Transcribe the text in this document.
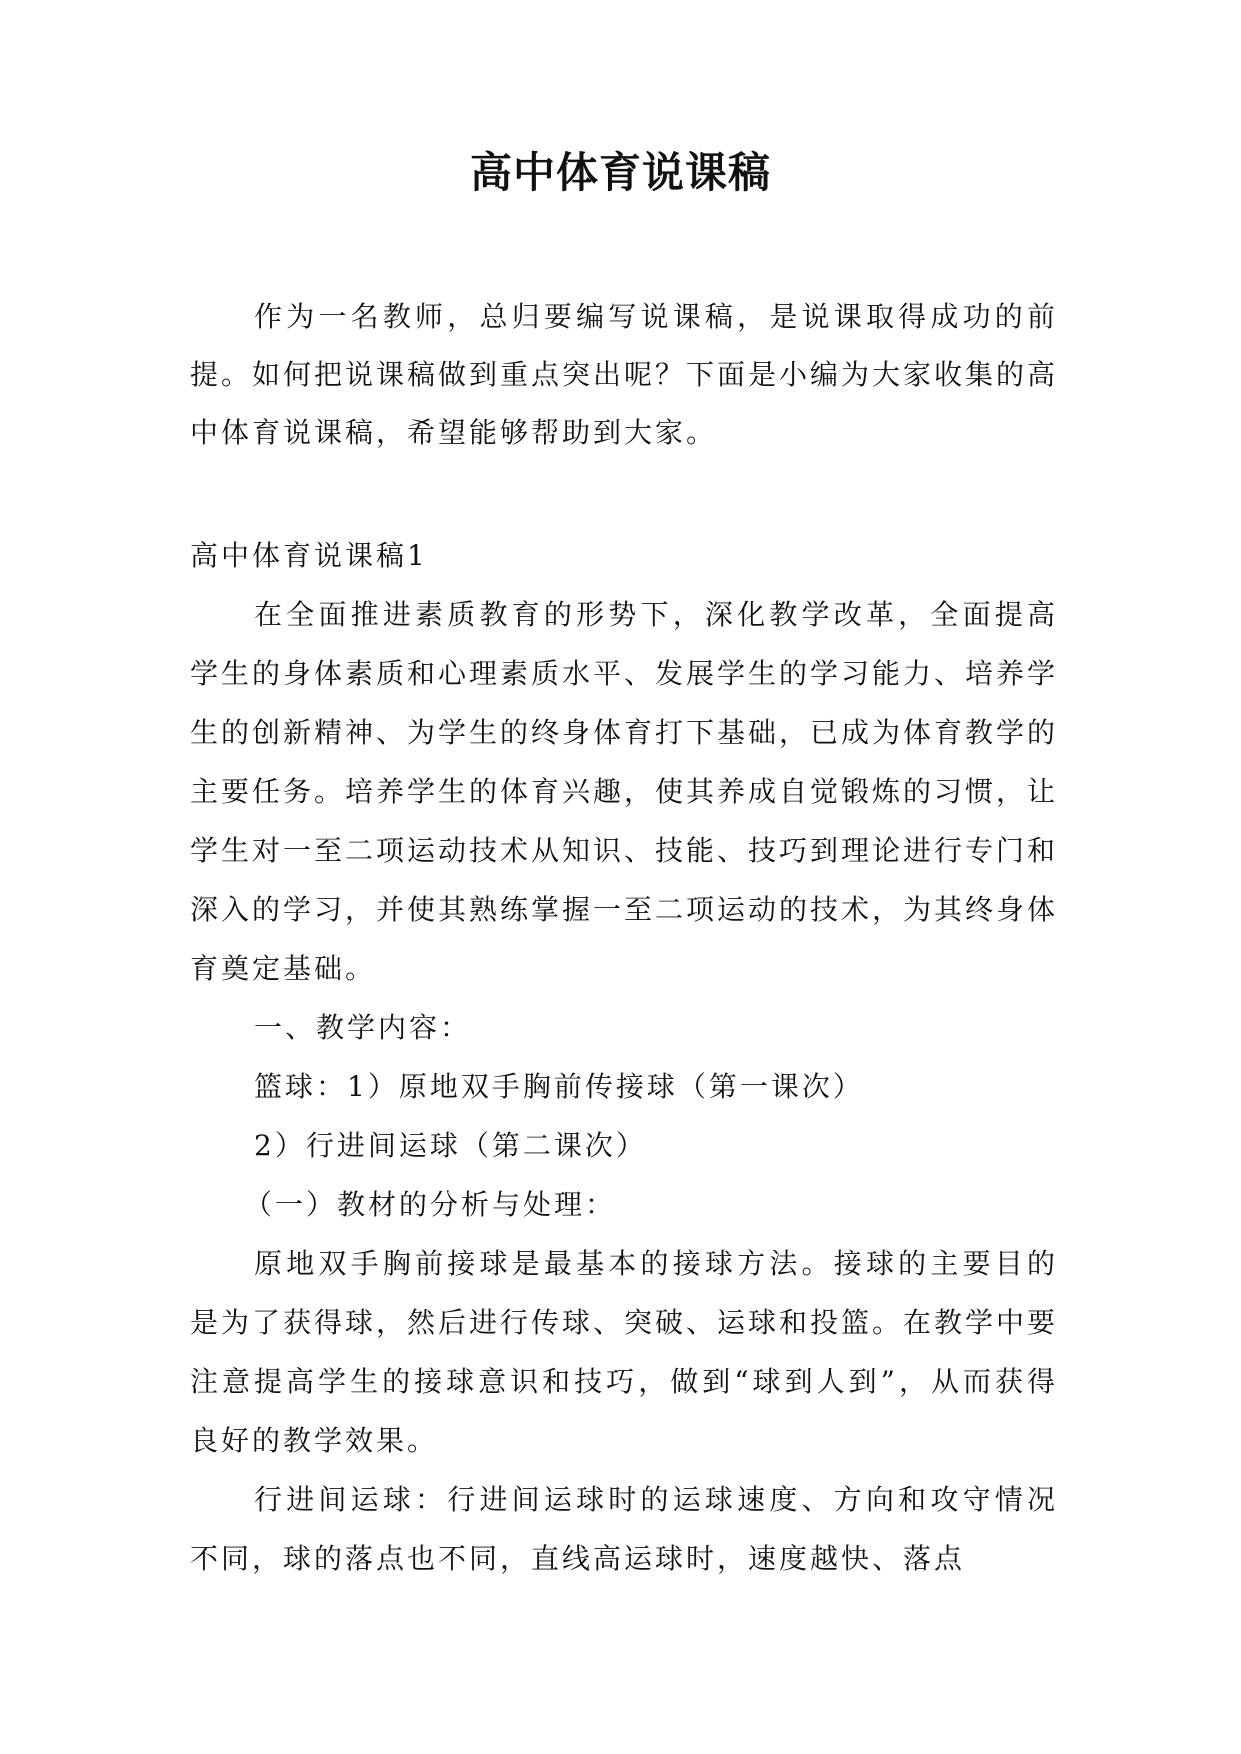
高中体育说课稿

作为一名教师，总归要编写说课稿，是说课取得成功的前提。如何把说课稿做到重点突出呢？下面是小编为大家收集的高中体育说课稿，希望能够帮助到大家。

高中体育说课稿1

在全面推进素质教育的形势下，深化教学改革，全面提高学生的身体素质和心理素质水平、发展学生的学习能力、培养学生的创新精神、为学生的终身体育打下基础，已成为体育教学的主要任务。培养学生的体育兴趣，使其养成自觉锻炼的习惯，让学生对一至二项运动技术从知识、技能、技巧到理论进行专门和深入的学习，并使其熟练掌握一至二项运动的技术，为其终身体育奠定基础。

一、教学内容：

篮球：1）原地双手胸前传接球（第一课次）

2）行进间运球（第二课次）

（一）教材的分析与处理：

原地双手胸前接球是最基本的接球方法。接球的主要目的是为了获得球，然后进行传球、突破、运球和投篮。在教学中要注意提高学生的接球意识和技巧，做到“球到人到”，从而获得良好的教学效果。

行进间运球：行进间运球时的运球速度、方向和攻守情况不同，球的落点也不同，直线高运球时，速度越快、落点
